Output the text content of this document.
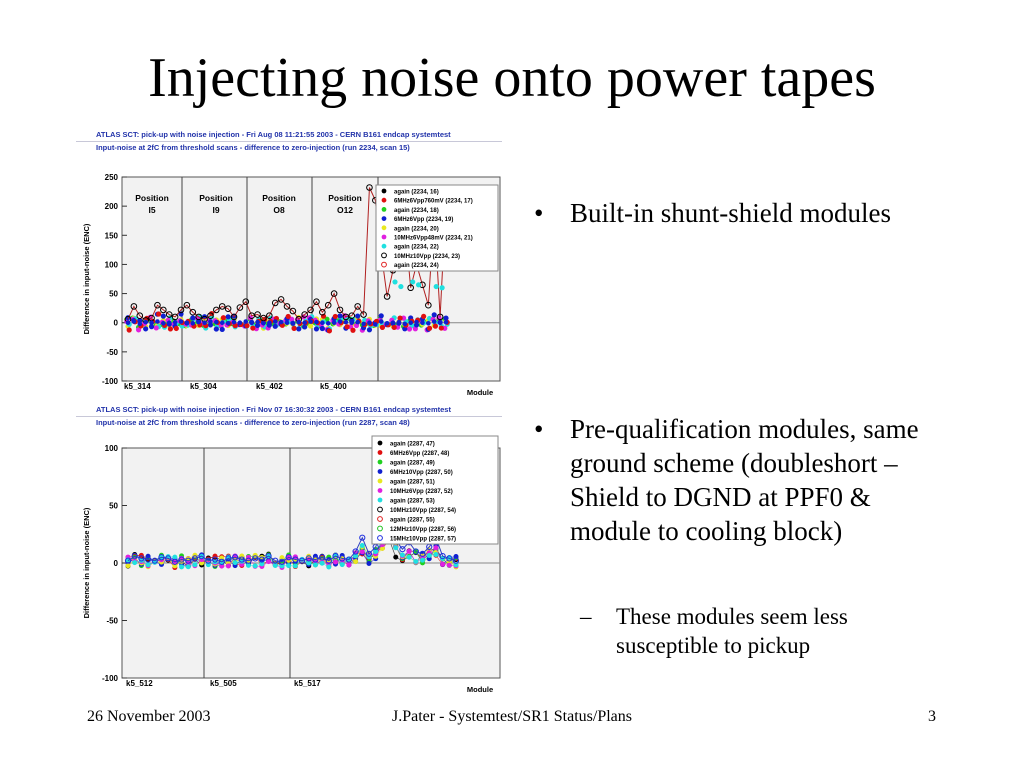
Injecting noise onto power tapes
ATLAS SCT: pick-up with noise injection - Fri Aug 08 11:21:55 2003 - CERN B161 endcap systemtest
Input-noise at 2fC from threshold scans - difference to zero-injection (run 2234, scan 15)
-100
-50
0
50
100
150
200
250
Difference in input-noise (ENC)
Module
Position
I5
Position
I9
Position
O8
Position
O12
k5_314	k5_304	k5_402	k5_400
again (2234, 16)
6MHz6Vpp760mV (2234, 17)
again (2234, 18)
6MHz6Vpp (2234, 19)
again (2234, 20)
10MHz6Vpp48mV (2234, 21)
again (2234, 22)
10MHz10Vpp (2234, 23)
again (2234, 24)
ATLAS SCT: pick-up with noise injection - Fri Nov 07 16:30:32 2003 - CERN B161 endcap systemtest
Input-noise at 2fC from threshold scans - difference to zero-injection (run 2287, scan 48)
-100
-50
0
50
100
Difference in input-noise (ENC)
Module
k5_512	k5_505	k5_517
again (2287, 47)
6MHz6Vpp (2287, 48)
again (2287, 49)
6MHz10Vpp (2287, 50)
again (2287, 51)
10MHz6Vpp (2287, 52)
again (2287, 53)
10MHz10Vpp (2287, 54)
again (2287, 55)
12MHz10Vpp (2287, 56)
15MHz10Vpp (2287, 57)
• Built-in shunt-shield modules
• Pre-qualification modules, same ground scheme (doubleshort – Shield to DGND at PPF0 & module to cooling block)
– These modules seem less susceptible to pickup
26 November 2003	J.Pater - Systemtest/SR1 Status/Plans	3
